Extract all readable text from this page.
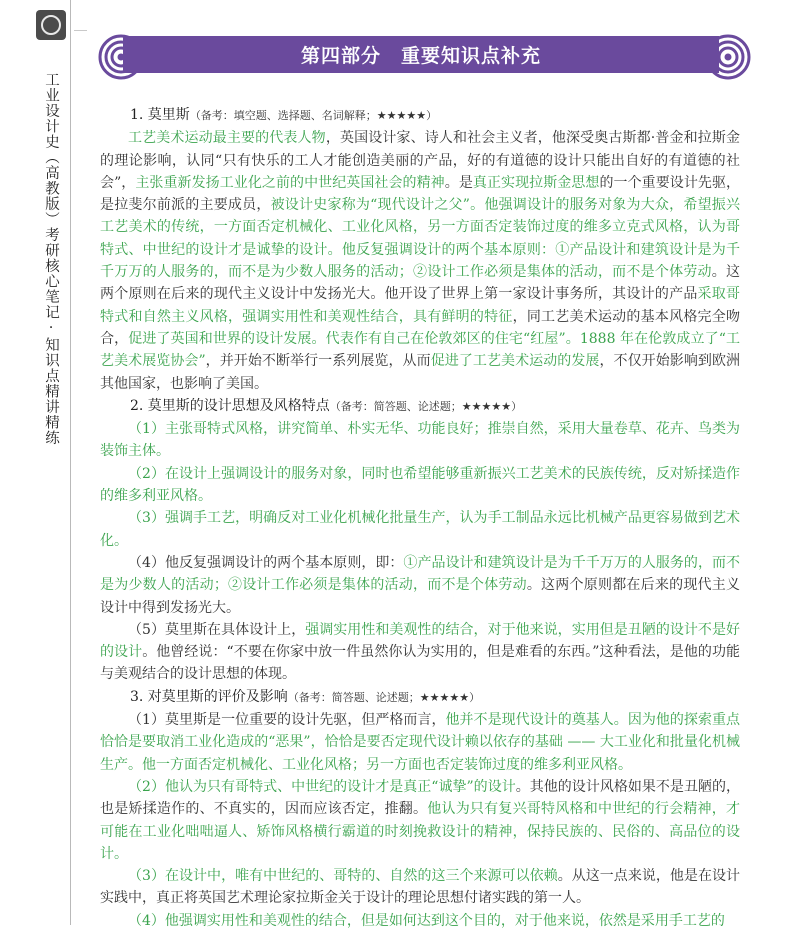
工业设计史（高教版）考研核心笔记·知识点精讲精练
第四部分　重要知识点补充

1. 莫里斯（备考：填空题、选择题、名词解释；★★★★★）

工艺美术运动最主要的代表人物，英国设计家、诗人和社会主义者，他深受奥古斯都·普金和拉斯金的理论影响，认同“只有快乐的工人才能创造美丽的产品，好的有道德的设计只能出自好的有道德的社会”，主张重新发扬工业化之前的中世纪英国社会的精神。是真正实现拉斯金思想的一个重要设计先驱，是拉斐尔前派的主要成员，被设计史家称为“现代设计之父”。他强调设计的服务对象为大众，希望振兴工艺美术的传统，一方面否定机械化、工业化风格，另一方面否定装饰过度的维多立克式风格，认为哥特式、中世纪的设计才是诚挚的设计。他反复强调设计的两个基本原则：①产品设计和建筑设计是为千千万万的人服务的，而不是为少数人服务的活动；②设计工作必须是集体的活动，而不是个体劳动。这两个原则在后来的现代主义设计中发扬光大。他开设了世界上第一家设计事务所，其设计的产品采取哥特式和自然主义风格，强调实用性和美观性结合，具有鲜明的特征，同工艺美术运动的基本风格完全吻合，促进了英国和世界的设计发展。代表作有自己在伦敦郊区的住宅“红屋”。1888 年在伦敦成立了“工艺美术展览协会”，并开始不断举行一系列展览，从而促进了工艺美术运动的发展，不仅开始影响到欧洲其他国家，也影响了美国。

2. 莫里斯的设计思想及风格特点（备考：简答题、论述题；★★★★★）

（1）主张哥特式风格，讲究简单、朴实无华、功能良好；推崇自然，采用大量卷草、花卉、鸟类为装饰主体。

（2）在设计上强调设计的服务对象，同时也希望能够重新振兴工艺美术的民族传统，反对矫揉造作的维多利亚风格。

（3）强调手工艺，明确反对工业化机械化批量生产，认为手工制品永远比机械产品更容易做到艺术化。

（4）他反复强调设计的两个基本原则，即：①产品设计和建筑设计是为千千万万的人服务的，而不是为少数人的活动；②设计工作必须是集体的活动，而不是个体劳动。这两个原则都在后来的现代主义设计中得到发扬光大。

（5）莫里斯在具体设计上，强调实用性和美观性的结合，对于他来说，实用但是丑陋的设计不是好的设计。他曾经说：“不要在你家中放一件虽然你认为实用的，但是难看的东西。”这种看法，是他的功能与美观结合的设计思想的体现。

3. 对莫里斯的评价及影响（备考：简答题、论述题；★★★★★）

（1）莫里斯是一位重要的设计先驱，但严格而言，他并不是现代设计的奠基人。因为他的探索重点恰恰是要取消工业化造成的“恶果”，恰恰是要否定现代设计赖以依存的基础 —— 大工业化和批量化机械生产。他一方面否定机械化、工业化风格；另一方面也否定装饰过度的维多利亚风格。

（2）他认为只有哥特式、中世纪的设计才是真正“诚挚”的设计。其他的设计风格如果不是丑陋的，也是矫揉造作的、不真实的，因而应该否定，推翻。他认为只有复兴哥特风格和中世纪的行会精神，才可能在工业化咄咄逼人、矫饰风格横行霸道的时刻挽救设计的精神，保持民族的、民俗的、高品位的设计。

（3）在设计中，唯有中世纪的、哥特的、自然的这三个来源可以依赖。从这一点来说，他是在设计实践中，真正将英国艺术理论家拉斯金关于设计的理论思想付诸实践的第一人。

（4）他强调实用性和美观性的结合，但是如何达到这个目的，对于他来说，依然是采用手工艺的
